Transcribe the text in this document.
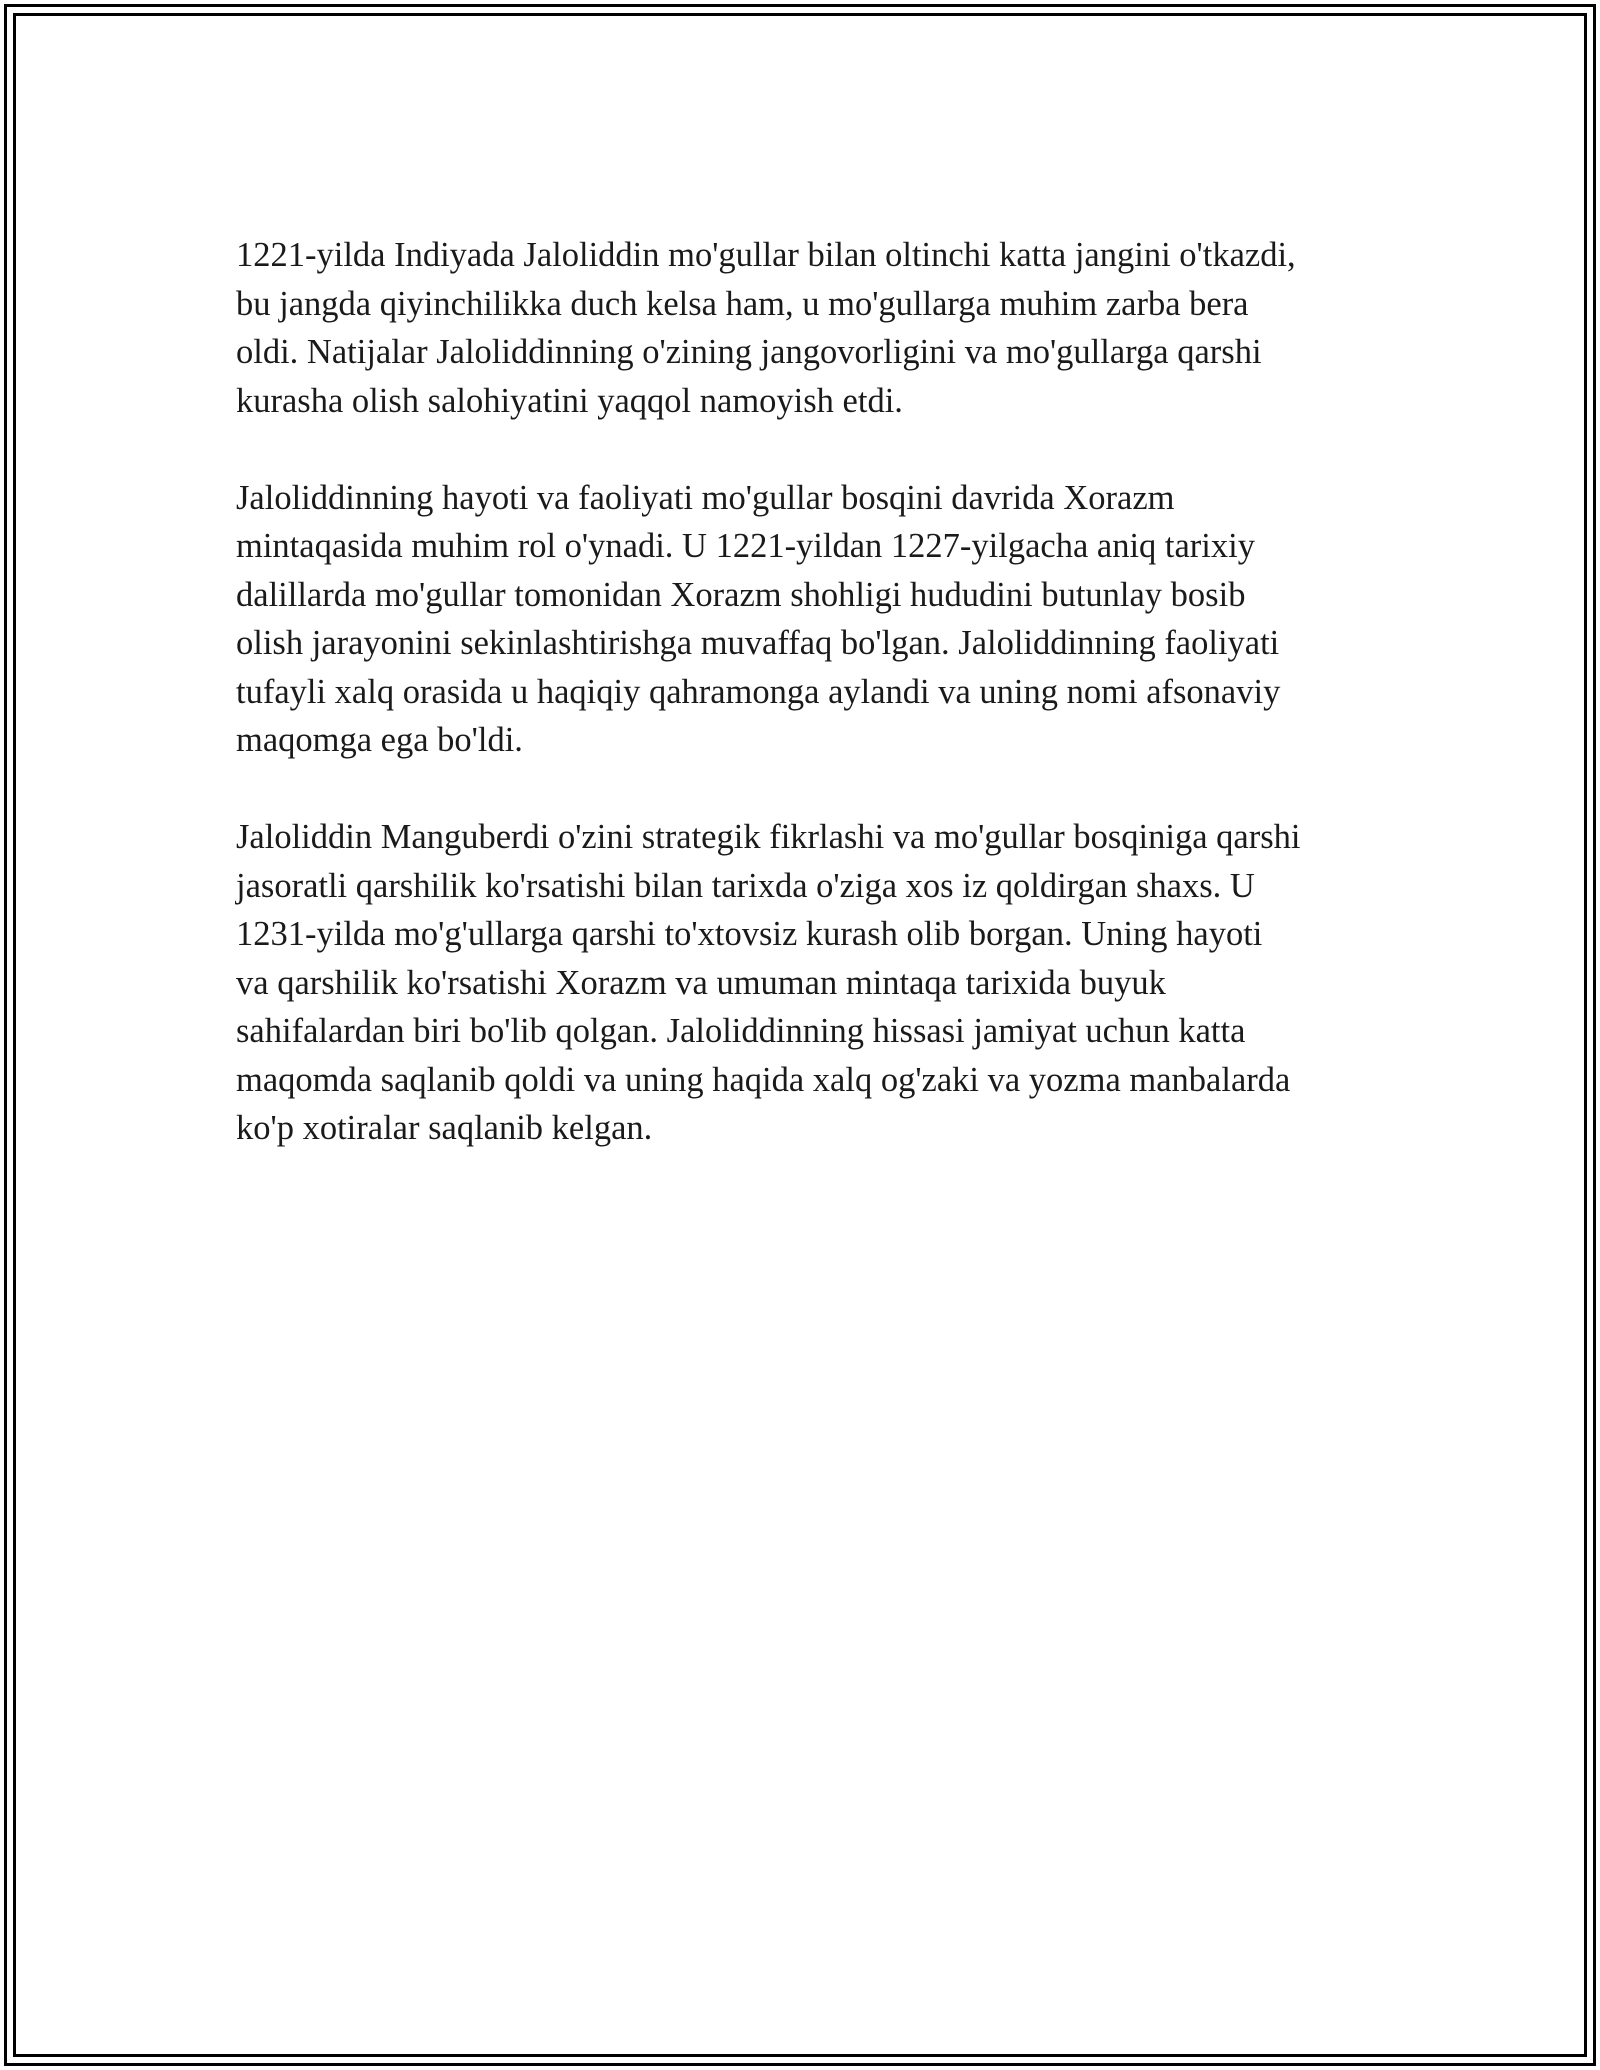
1221-yilda Indiyada Jaloliddin mo'gullar bilan oltinchi katta jangini o'tkazdi,
bu jangda qiyinchilikka duch kelsa ham, u mo'gullarga muhim zarba bera
oldi. Natijalar Jaloliddinning o'zining jangovorligini va mo'gullarga qarshi
kurasha olish salohiyatini yaqqol namoyish etdi.

Jaloliddinning hayoti va faoliyati mo'gullar bosqini davrida Xorazm
mintaqasida muhim rol o'ynadi. U 1221-yildan 1227-yilgacha aniq tarixiy
dalillarda mo'gullar tomonidan Xorazm shohligi hududini butunlay bosib
olish jarayonini sekinlashtirishga muvaffaq bo'lgan. Jaloliddinning faoliyati
tufayli xalq orasida u haqiqiy qahramonga aylandi va uning nomi afsonaviy
maqomga ega bo'ldi.

Jaloliddin Manguberdi o'zini strategik fikrlashi va mo'gullar bosqiniga qarshi
jasoratli qarshilik ko'rsatishi bilan tarixda o'ziga xos iz qoldirgan shaxs. U
1231-yilda mo'g'ullarga qarshi to'xtovsiz kurash olib borgan. Uning hayoti
va qarshilik ko'rsatishi Xorazm va umuman mintaqa tarixida buyuk
sahifalardan biri bo'lib qolgan. Jaloliddinning hissasi jamiyat uchun katta
maqomda saqlanib qoldi va uning haqida xalq og'zaki va yozma manbalarda
ko'p xotiralar saqlanib kelgan.
